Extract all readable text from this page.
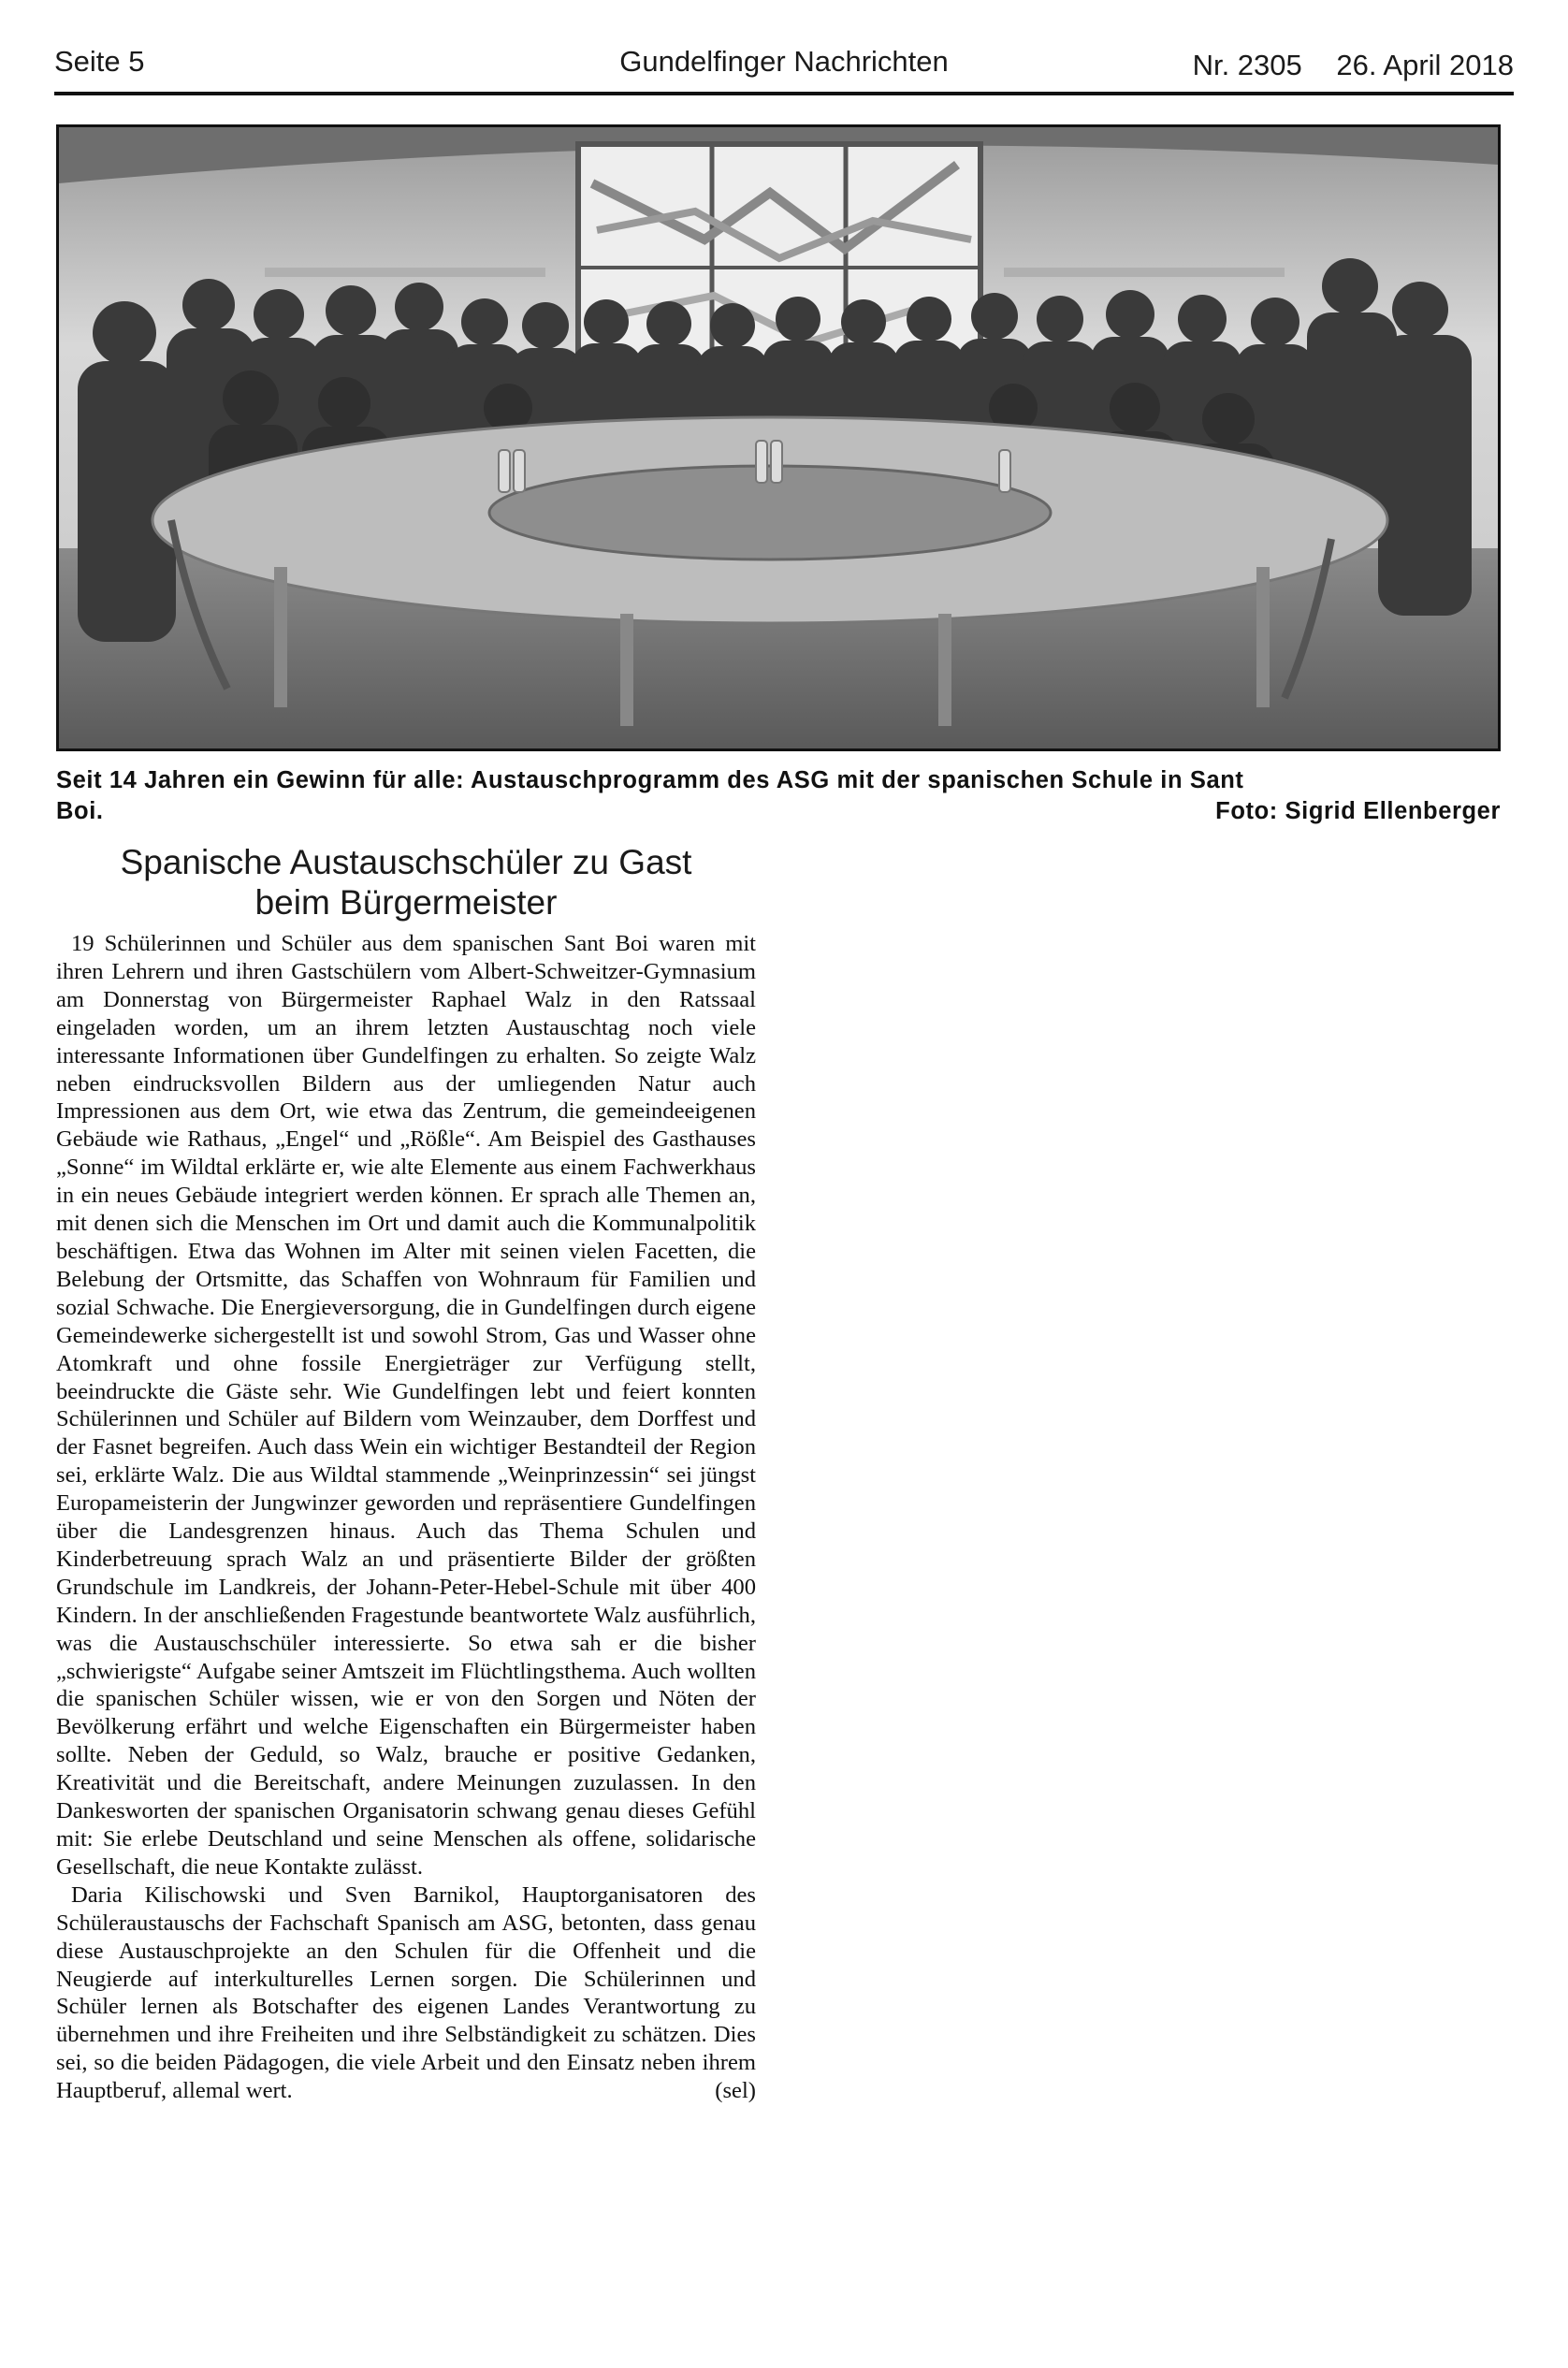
Seite 5	Gundelfinger Nachrichten	Nr. 2305 26. April 2018
Seit 14 Jahren ein Gewinn für alle: Austauschprogramm des ASG mit der spanischen Schule in Sant
Boi.	Foto: Sigrid Ellenberger
Spanische Austauschschüler zu Gast
beim Bürgermeister

19 Schülerinnen und Schüler aus dem spanischen Sant Boi waren mit ihren Lehrern und ihren Gastschülern vom Albert-Schweitzer-Gymnasium am Donnerstag von Bürgermeister Raphael Walz in den Ratssaal eingeladen worden, um an ihrem letzten Austauschtag noch viele interessante Informationen über Gundelfingen zu erhalten. So zeigte Walz neben eindrucksvollen Bildern aus der umliegenden Natur auch Impressionen aus dem Ort, wie etwa das Zentrum, die gemeindeeigenen Gebäude wie Rathaus, „Engel“ und „Rößle“. Am Beispiel des Gasthauses „Sonne“ im Wildtal erklärte er, wie alte Elemente aus einem Fachwerkhaus in ein neues Gebäude integriert werden können. Er sprach alle Themen an, mit denen sich die Menschen im Ort und damit auch die Kommunalpolitik beschäftigen. Etwa das Wohnen im Alter mit seinen vielen Facetten, die Belebung der Ortsmitte, das Schaffen von Wohnraum für Familien und sozial Schwache. Die Energieversorgung, die in Gundelfingen durch eigene Gemeindewerke sichergestellt ist und sowohl Strom, Gas und Wasser ohne Atomkraft und ohne fossile Energieträger zur Verfügung stellt, beeindruckte die Gäste sehr. Wie Gundelfingen lebt und feiert konnten Schülerinnen und Schüler auf Bildern vom Weinzauber, dem Dorffest und der Fasnet begreifen. Auch dass Wein ein wichtiger Bestandteil der Region sei, erklärte Walz. Die aus Wildtal stammende „Weinprinzessin“ sei jüngst Europameisterin der Jungwinzer geworden und repräsentiere Gundelfingen über die Landesgrenzen hinaus. Auch das Thema Schulen und Kinderbetreuung sprach Walz an und präsentierte Bilder der größten Grundschule im Landkreis, der Johann-Peter-Hebel-Schule mit über 400 Kindern. In der anschließenden Fragestunde beantwortete Walz ausführlich, was die Austauschschüler interessierte. So etwa sah er die bisher „schwierigste“ Aufgabe seiner Amtszeit im Flüchtlingsthema. Auch wollten die spanischen Schüler wissen, wie er von den Sorgen und Nöten der Bevölkerung erfährt und welche Eigenschaften ein Bürgermeister haben sollte. Neben der Geduld, so Walz, brauche er positive Gedanken, Kreativität und die Bereitschaft, andere Meinungen zuzulassen. In den Dankesworten der spanischen Organisatorin schwang genau dieses Gefühl mit: Sie erlebe Deutschland und seine Menschen als offene, solidarische Gesellschaft, die neue Kontakte zulässt.

Daria Kilischowski und Sven Barnikol, Hauptorganisatoren des Schüleraustauschs der Fachschaft Spanisch am ASG, betonten, dass genau diese Austauschprojekte an den Schulen für die Offenheit und die Neugierde auf interkulturelles Lernen sorgen. Die Schülerinnen und Schüler lernen als Botschafter des eigenen Landes Verantwortung zu übernehmen und ihre Freiheiten und ihre Selbständigkeit zu schätzen. Dies sei, so die beiden Pädagogen, die viele Arbeit und den Einsatz neben ihrem Hauptberuf, allemal wert.	(sel)
